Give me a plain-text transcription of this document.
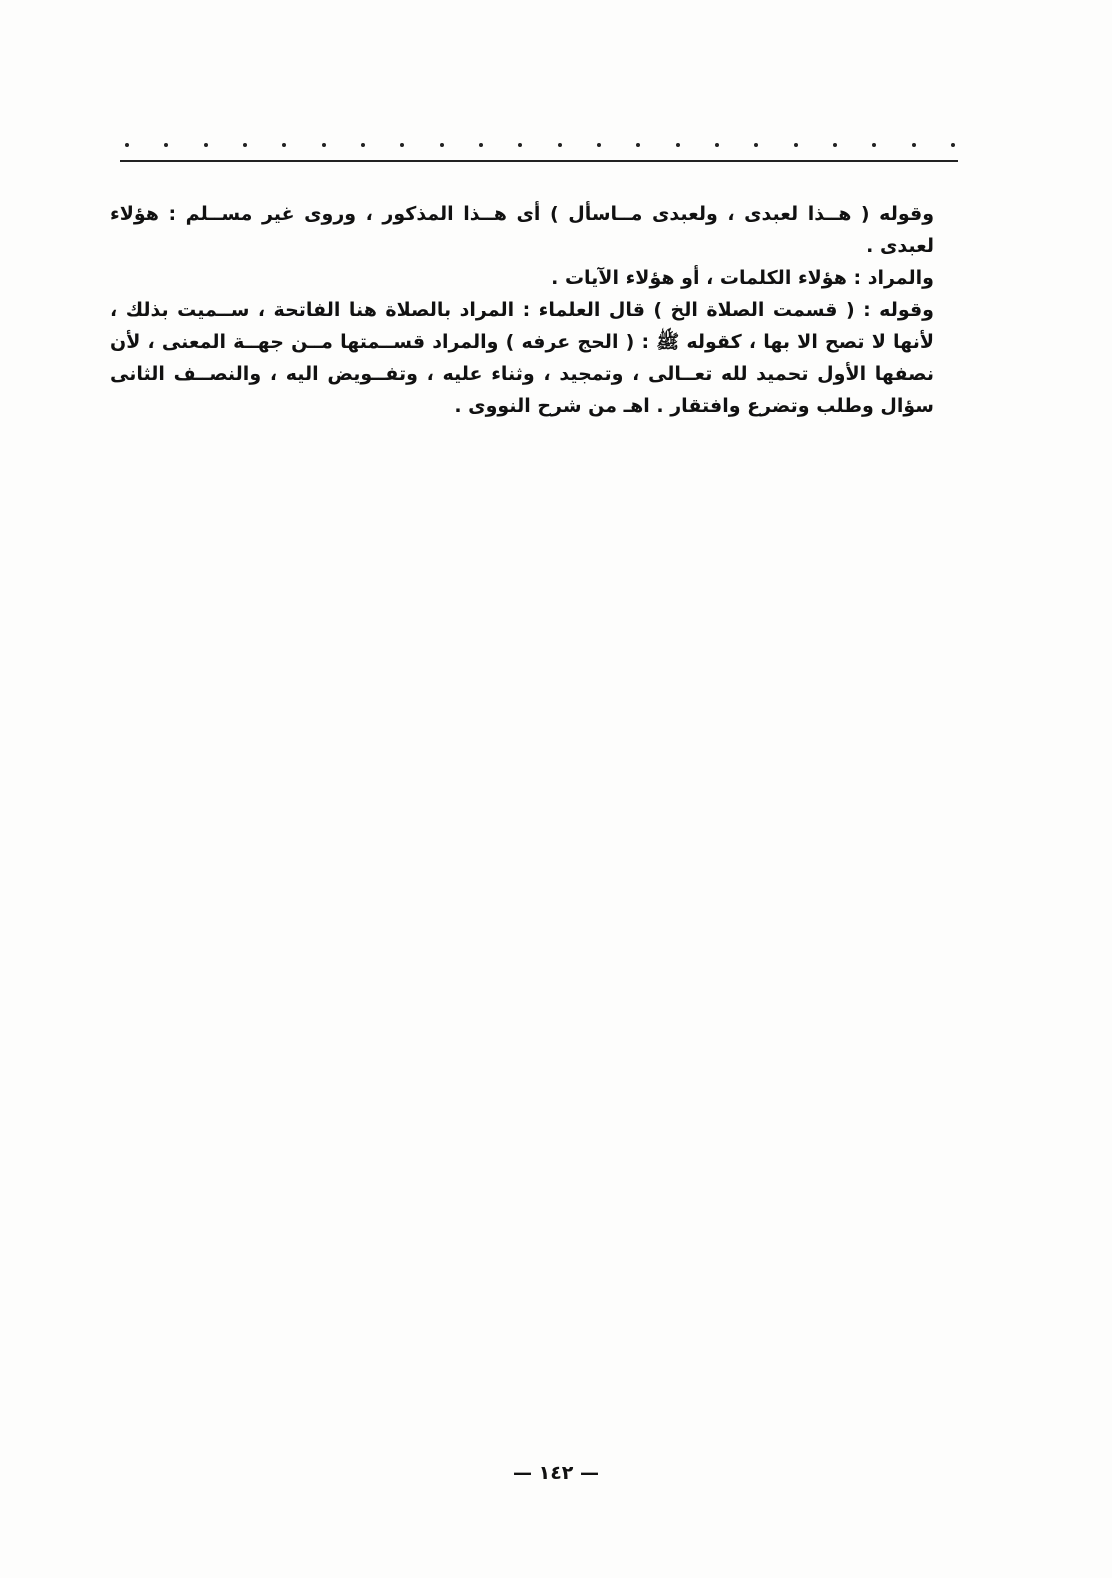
وقوله ( هــذا لعبدى ، ولعبدى مــاسأل ) أى هــذا المذكور ، وروى غير مســلم : هؤلاء لعبدى .

والمراد : هؤلاء الكلمات ، أو هؤلاء الآيات .

وقوله : ( قسمت الصلاة الخ ) قال العلماء : المراد بالصلاة هنا الفاتحة ، ســميت بذلك ، لأنها لا تصح الا بها ، كقوله ﷺ : ( الحج عرفه ) والمراد قســمتها مــن جهــة المعنى ، لأن نصفها الأول تحميد لله تعــالى ، وتمجيد ، وثناء عليه ، وتفــويض اليه ، والنصــف الثانى سؤال وطلب وتضرع وافتقار . اهـ من شرح النووى .

— ١٤٢ —
